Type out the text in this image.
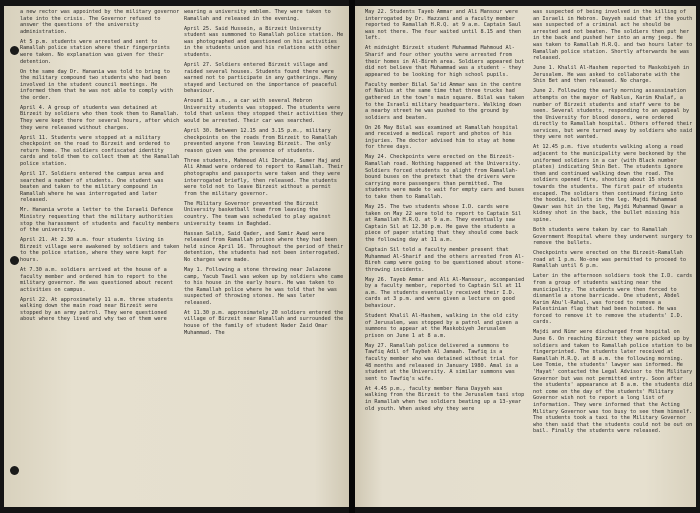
a new rector was appointed by the military governor late into the crisis. The Governor refused to answer the questions of the university administration.
At 5 p.m. students were arrested and sent to Ramallah police station where their fingerprints were taken. No explanation was given for their detention.
On the same day Dr. Hanania was told to bring to the military compound two students who had been involved in the student council meetings. He informed them that he was not able to comply with the order.
April 4. A group of students was detained at Birzeit by soldiers who then took them to Ramallah. They were kept there for several hours, after which they were released without charges.
April 11. Students were stopped at a military checkpoint on the road to Birzeit and ordered to return home. The soldiers confiscated identity cards and told them to collect them at the Ramallah police station.
April 17. Soldiers entered the campus area and searched a number of students. One student was beaten and taken to the military compound in Ramallah where he was interrogated and later released.
Mr. Hanania wrote a letter to the Israeli Defence Ministry requesting that the military authorities stop the harassment of students and faculty members of the university.
April 21. At 2.30 a.m. four students living in Birzeit village were awakened by soldiers and taken to the police station, where they were kept for hours.
At 7.30 a.m. soldiers arrived at the house of a faculty member and ordered him to report to the military governor. He was questioned about recent activities on campus.
April 22. At approximately 11 a.m. three students walking down the main road near Birzeit were stopped by an army patrol. They were questioned about where they lived and why two of them were
wearing a university emblem. They were taken to Ramallah and released in the evening.
April 25. Said Hussein, a Birzeit University student was summoned to Ramallah police station. He was photographed and questioned on his activities in the students union and his relations with other students.
April 27. Soldiers entered Birzeit village and raided several houses. Students found there were warned not to participate in any gatherings. Many stayed and lectured on the importance of peaceful behaviour.
Around 11 a.m., a car with several Hebron University students was stopped. The students were told that unless they stopped their activities they would be arrested. Their car was searched.
April 30. Between 12.15 and 3.15 p.m., military checkpoints on the roads from Birzeit to Ramallah prevented anyone from leaving Birzeit. The only reason given was the presence of students.
Three students, Mahmoud Ali Ibrahim, Sumer Haj and Ali Ahmad were ordered to report to Ramallah. Their photographs and passports were taken and they were interrogated briefly, then released. The students were told not to leave Birzeit without a permit from the military governor.
The Military Governor prevented the Birzeit University basketball team from leaving the country. The team was scheduled to play against university teams in Baghdad.
Hassan Salih, Said Qader, and Samir Awad were released from Ramallah prison where they had been held since April 16. Throughout the period of their detention, the students had not been interrogated. No charges were made.
May 1. Following a stone throwing near Jalazone camp, Yacub Tawil was woken up by soldiers who came to his house in the early hours. He was taken to the Ramallah police where he was told that he was suspected of throwing stones. He was later released.
At 11.30 p.m. approximately 20 soldiers entered the village of Birzeit near Ramallah and surrounded the house of the family of student Nader Zaid Omar Muhammad. The
May 22. Students Tayeb Ammar and Ali Mansour were interrogated by Dr. Hazzani and a faculty member reported to Ramallah H.R.Q. at 9 a.m. Captain Saul was not there. The four waited until 8.15 and then left.
At midnight Birzeit student Muhammad Mahmoud Al-Sharif and four other youths were arrested from their homes in Al-Bireh area. Soldiers appeared but did not believe that Muhammad was a student - they appeared to be looking for high school pupils.
Faculty member Bilal Sa'id Ammar was in the centre of Nablus at the same time that three trucks had gathered in the town's main square. Bilal was taken to the Israeli military headquarters. Walking down a nearby street he was pushed to the ground by soldiers and beaten.
On 26 May Bilal was examined at Ramallah hospital and received a medical report and photos of his injuries. The doctor advised him to stay at home for three days.
May 24. Checkpoints were erected on the Birzeit-Ramallah road. Nothing happened at the University. Soldiers forced students to alight from Ramallah-bound buses on the pretext that the drivers were carrying more passengers than permitted. The students were made to wait for empty cars and buses to take them to Ramallah.
May 25. The two students whose I.D. cards were taken on May 22 were told to report to Captain Sil at Ramallah H.R.Q. at 9 a.m. They eventually saw Captain Sil at 12.30 p.m. He gave the students a piece of paper stating that they should come back the following day at 11 a.m.
Captain Sil told a faculty member present that Muhammad Al-Sharif and the others arrested from Al-Bireh camp were going to be questioned about stone-throwing incidents.
May 26. Tayeb Ammar and Ali Al-Mansour, accompanied by a faculty member, reported to Captain Sil at 11 a.m. The students eventually received their I.D. cards at 3 p.m. and were given a lecture on good behaviour.
Student Khalil Al-Hashem, walking in the old city of Jerusalem, was stopped by a patrol and given a summons to appear at the Maskobiyeh Jerusalem prison on June 1 at 8 a.m.
May 27. Ramallah police delivered a summons to Tawfiq Adil of Taybeh Al Jamaah. Tawfiq is a faculty member who was detained without trial for 48 months and released in January 1980. Amal is a student at the University. A similar summons was sent to Tawfiq's wife.
At 4.45 p.m., faculty member Hana Dayyeh was walking from the Birzeit to the Jerusalem taxi stop in Ramallah when two soldiers beating up a 13-year old youth. When asked why they were
was suspected of being involved in the killing of an Israeli in Hebron. Dayyeh said that if the youth was suspected of a criminal act he should be arrested and not beaten. The soldiers then put her in the back and pushed her into an army jeep. He was taken to Ramallah H.R.Q. and two hours later to Ramallah police station. Shortly afterwards he was released.
June 1. Khalil Al-Hashem reported to Maskobiyeh in Jerusalem. He was asked to collaborate with the Shin Bet and then released. No charge.
June 2. Following the early morning assassination attempts on the mayor of Nablus, Karim Khalaf, a number of Birzeit students and staff were to be seen. Several students, responding to an appeal by the University for blood donors, were ordered directly to Ramallah hospital. Others offered their services, but were turned away by soldiers who said they were not wanted.
At 12.45 p.m. five students walking along a road adjacent to the municipality were beckoned by the uniformed soldiers in a car (with Black number plates) indicating Shin Bet. The students ignore them and continued walking down the road. The soldiers opened fire, shooting about 15 shots towards the students. The first pair of students escaped. The soldiers then continued firing into the hoodie, bullets in the leg. Majdi Muhammad Qawar was hit in the leg, Majdi Muhammad Qawar a kidney shot in the back, the bullet missing his spine.
Both students were taken by car to Ramallah Government Hospital where they underwent surgery to remove the bullets.
Checkpoints were erected on the Birzeit-Ramallah road at 1 p.m. No-one was permitted to proceed to Ramallah until 6 p.m.
Later in the afternoon soldiers took the I.D. cards from a group of students waiting near the municipality. The students were then forced to dismantle a stone barricade. One student, Abdel Karim Abu'l-Rahal, was forced to remove a Palestinian flag that had been hoisted. He was forced to remove it to remove the students' I.D. cards.
Majdi and Nimr were discharged from hospital on June 6. On reaching Birzeit they were picked up by soldiers and taken to Ramallah police station to be fingerprinted. The students later received at Ramallah H.R.Q. at 8 a.m. the following morning. Lee Tomie, the students' lawyer was informed. He 'Hayat' contacted the Legal Advisor to the Military Governor but was not permitted entry. Soon after the students' appearance at 8 a.m. the students did not come on the day of the students' Military Governor wish not to report a long list of information. They were informed that the Acting Military Governor was too busy to see them himself. The students took a taxi to the Military Governor who then said that the students could not be out on bail. Finally the students were released.
